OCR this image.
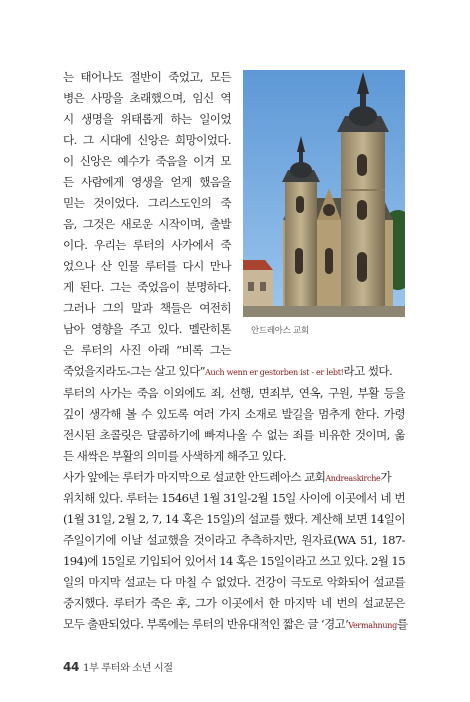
는 태어나도 절반이 죽었고, 모든
병은 사망을 초래했으며, 임신 역
시 생명을 위태롭게 하는 일이었
다. 그 시대에 신앙은 희망이었다.
이 신앙은 예수가 죽음을 이겨 모
든 사람에게 영생을 얻게 했음을
믿는 것이었다. 그리스도인의 죽
음, 그것은 새로운 시작이며, 출발
이다. 우리는 루터의 사가에서 죽
었으나 산 인물 루터를 다시 만나
게 된다. 그는 죽었음이 분명하다.
그러나 그의 말과 책들은 여전히
남아 영향을 주고 있다. 멜란히톤
은 루터의 사진 아래 “비록 그는
죽었을지라도-그는 살고 있다”Auch wenn er gestorben ist - er lebt!라고 썼다.
루터의 사가는 죽음 이외에도 죄, 선행, 면죄부, 연옥, 구원, 부활 등을
깊이 생각해 볼 수 있도록 여러 가지 소재로 발길을 멈추게 한다. 가령
전시된 초콜릿은 달콤하기에 빠져나올 수 없는 죄를 비유한 것이며, 옮
든 새싹은 부활의 의미를 사색하게 해주고 있다.
사가 앞에는 루터가 마지막으로 설교한 안드레아스 교회Andreaskirche가
위치해 있다. 루터는 1546년 1월 31일-2월 15일 사이에 이곳에서 네 번
(1월 31일, 2월 2, 7, 14 혹은 15일)의 설교를 했다. 계산해 보면 14일이
주일이기에 이날 설교했을 것이라고 추측하지만, 원자료(WA 51, 187-
194)에 15일로 기입되어 있어서 14 혹은 15일이라고 쓰고 있다. 2월 15
일의 마지막 설교는 다 마칠 수 없었다. 건강이 극도로 악화되어 설교를
중지했다. 루터가 죽은 후, 그가 이곳에서 한 마지막 네 번의 설교문은
모두 출판되었다. 부록에는 루터의 반유대적인 짧은 글 ‘경고’Vermahnung를
안드레아스 교회
44 1부 루터와 소년 시절
